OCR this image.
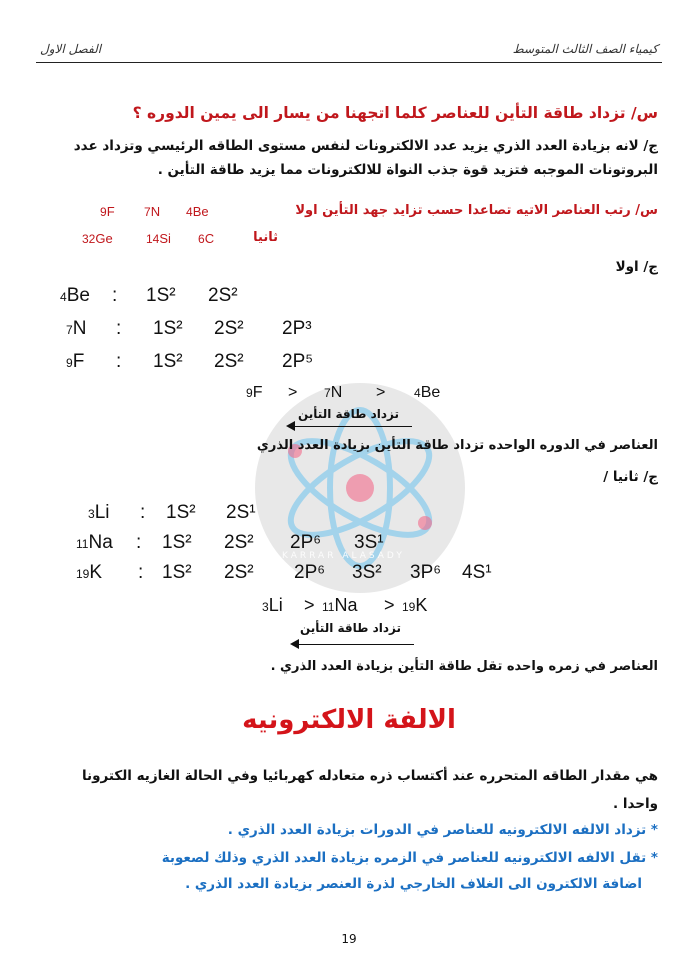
كيمياء الصف الثالث المتوسط
الفصل الاول
س/ تزداد طاقة التأين للعناصر كلما اتجهنا من يسار الى يمين الدوره ؟
ج/ لانه بزيادة العدد الذري يزيد عدد الالكترونات لنفس مستوى الطاقه الرئيسي وتزداد عدد
البروتونات الموجبه فتزيد قوة جذب النواة للالكترونات مما يزيد طاقة التأين .
س/ رتب العناصر الاتيه تصاعدا حسب تزايد جهد التأين اولا
4Be
7N
9F
ثانيا
6C
14Si
32Ge
ج/ اولا
4Be : 1S² 2S²
7N : 1S² 2S² 2P³
9F : 1S² 2S² 2P⁵
KARRAR ALASADY
9F > 7N > 4Be
تزداد طاقة التأين
العناصر في الدوره الواحده تزداد طاقة التأين بزيادة العدد الذري
ج/ ثانيا /
3Li : 1S² 2S¹
11Na : 1S² 2S² 2P⁶ 3S¹
19K : 1S² 2S² 2P⁶ 3S² 3P⁶ 4S¹
3Li > 11Na > 19K
تزداد طاقة التأين
العناصر في زمره واحده تقل طاقة التأين بزيادة العدد الذري .
الالفة الالكترونيه
هي مقدار الطاقه المتحرره عند أكتساب ذره متعادله كهربائيا وفي الحالة الغازيه الكترونا
واحدا .
* تزداد الالفه الالكترونيه للعناصر في الدورات بزيادة العدد الذري .
* تقل الالفه الالكترونيه للعناصر في الزمره بزيادة العدد الذري وذلك لصعوبة
اضافة الالكترون الى الغلاف الخارجي لذرة العنصر بزيادة العدد الذري .
19
